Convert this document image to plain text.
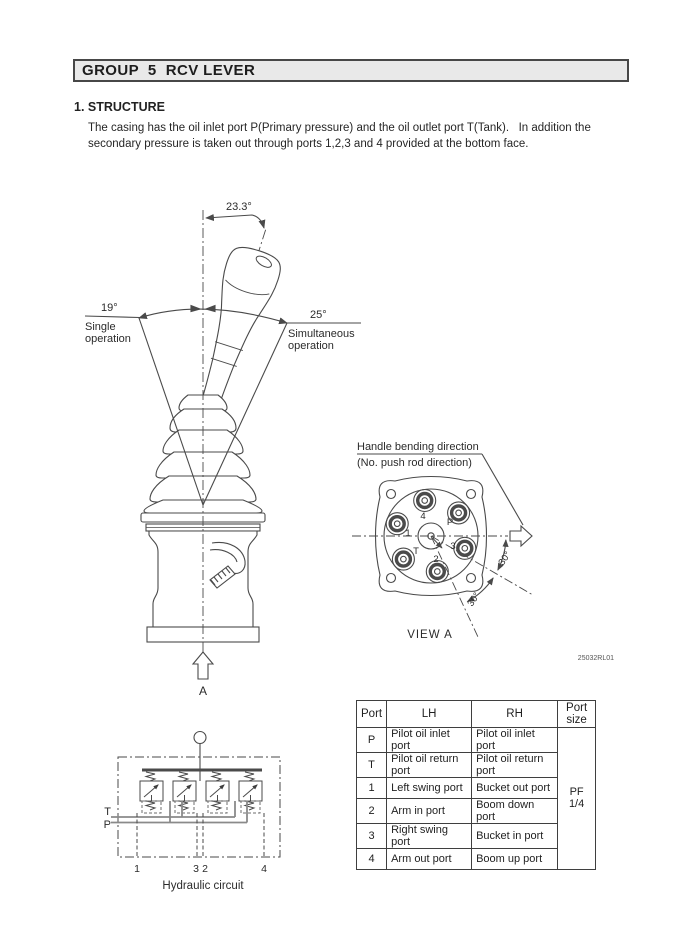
GROUP  5  RCV LEVER
1. STRUCTURE
The casing has the oil inlet port P(Primary pressure) and the oil outlet port T(Tank).   In addition the
secondary pressure is taken out through ports 1,2,3 and 4 provided at the bottom face.
23.3°
19°
Single
operation
25°
Simultaneous
operation
A
Handle bending direction
(No. push rod direction)
4
P
1
3
T
2	30°
30°
VIEW A
25032RL01
Port	LH	RH	Port size
P	Pilot oil inlet port	Pilot oil inlet port	PF 1/4
T	Pilot oil return port	Pilot oil return port	
1	Left swing port	Bucket out port	
2	Arm in port	Boom down port	
3	Right swing port	Bucket in port	
4	Arm out port	Boom up port	
T
P
1	3 2	4
Hydraulic circuit
